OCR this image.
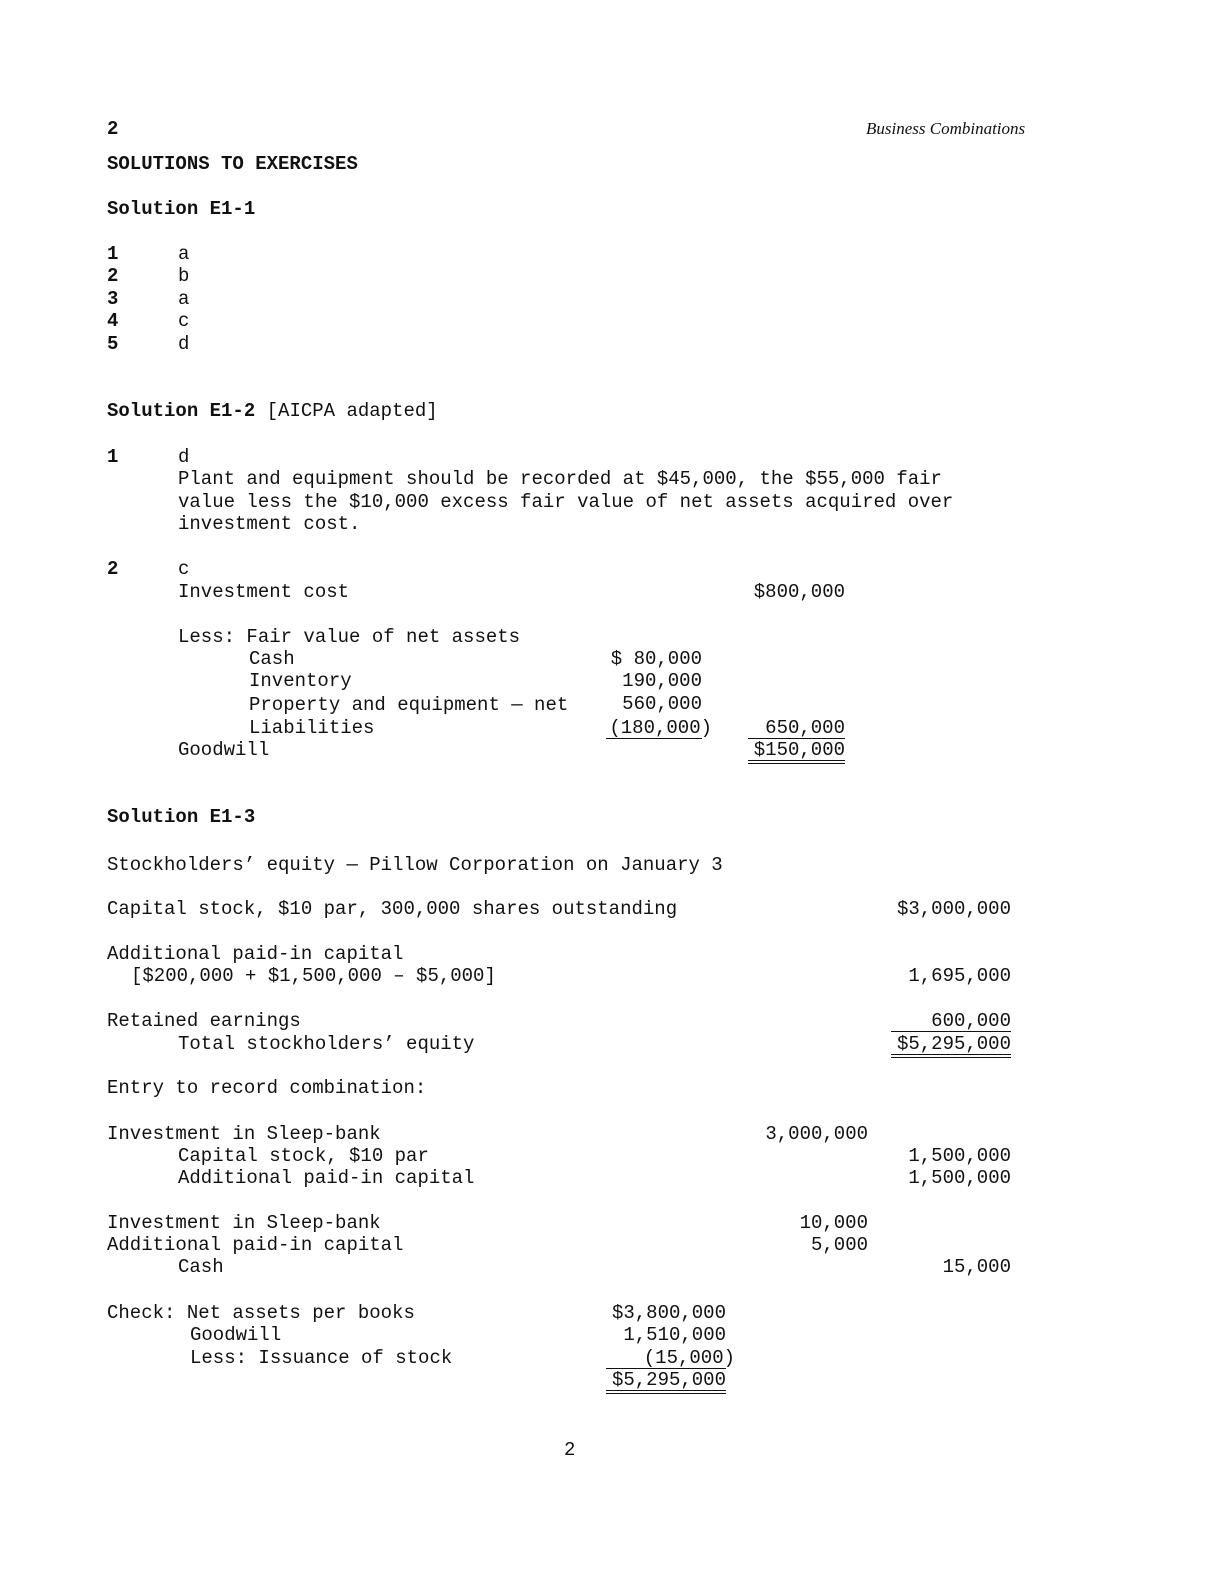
2	Business Combinations
SOLUTIONS TO EXERCISES
Solution E1-1
1	a
2	b
3	a
4	c
5	d
Solution E1-2 [AICPA adapted]
1	d
Plant and equipment should be recorded at $45,000, the $55,000 fair
value less the $10,000 excess fair value of net assets acquired over
investment cost.
2	c
Investment cost	$800,000
Less: Fair value of net assets
Cash	$ 80,000
Inventory	190,000
Property and equipment — net	560,000
Liabilities	(180,000)	650,000
Goodwill	$150,000
Solution E1-3
Stockholders’ equity — Pillow Corporation on January 3
Capital stock, $10 par, 300,000 shares outstanding	$3,000,000
Additional paid-in capital
[$200,000 + $1,500,000 – $5,000]	1,695,000
Retained earnings	600,000
Total stockholders’ equity	$5,295,000
Entry to record combination:
Investment in Sleep-bank	3,000,000
Capital stock, $10 par	1,500,000
Additional paid-in capital	1,500,000
Investment in Sleep-bank	10,000
Additional paid-in capital	5,000
Cash	15,000
Check: Net assets per books	$3,800,000
Goodwill	1,510,000
Less: Issuance of stock	(15,000)
$5,295,000
2
